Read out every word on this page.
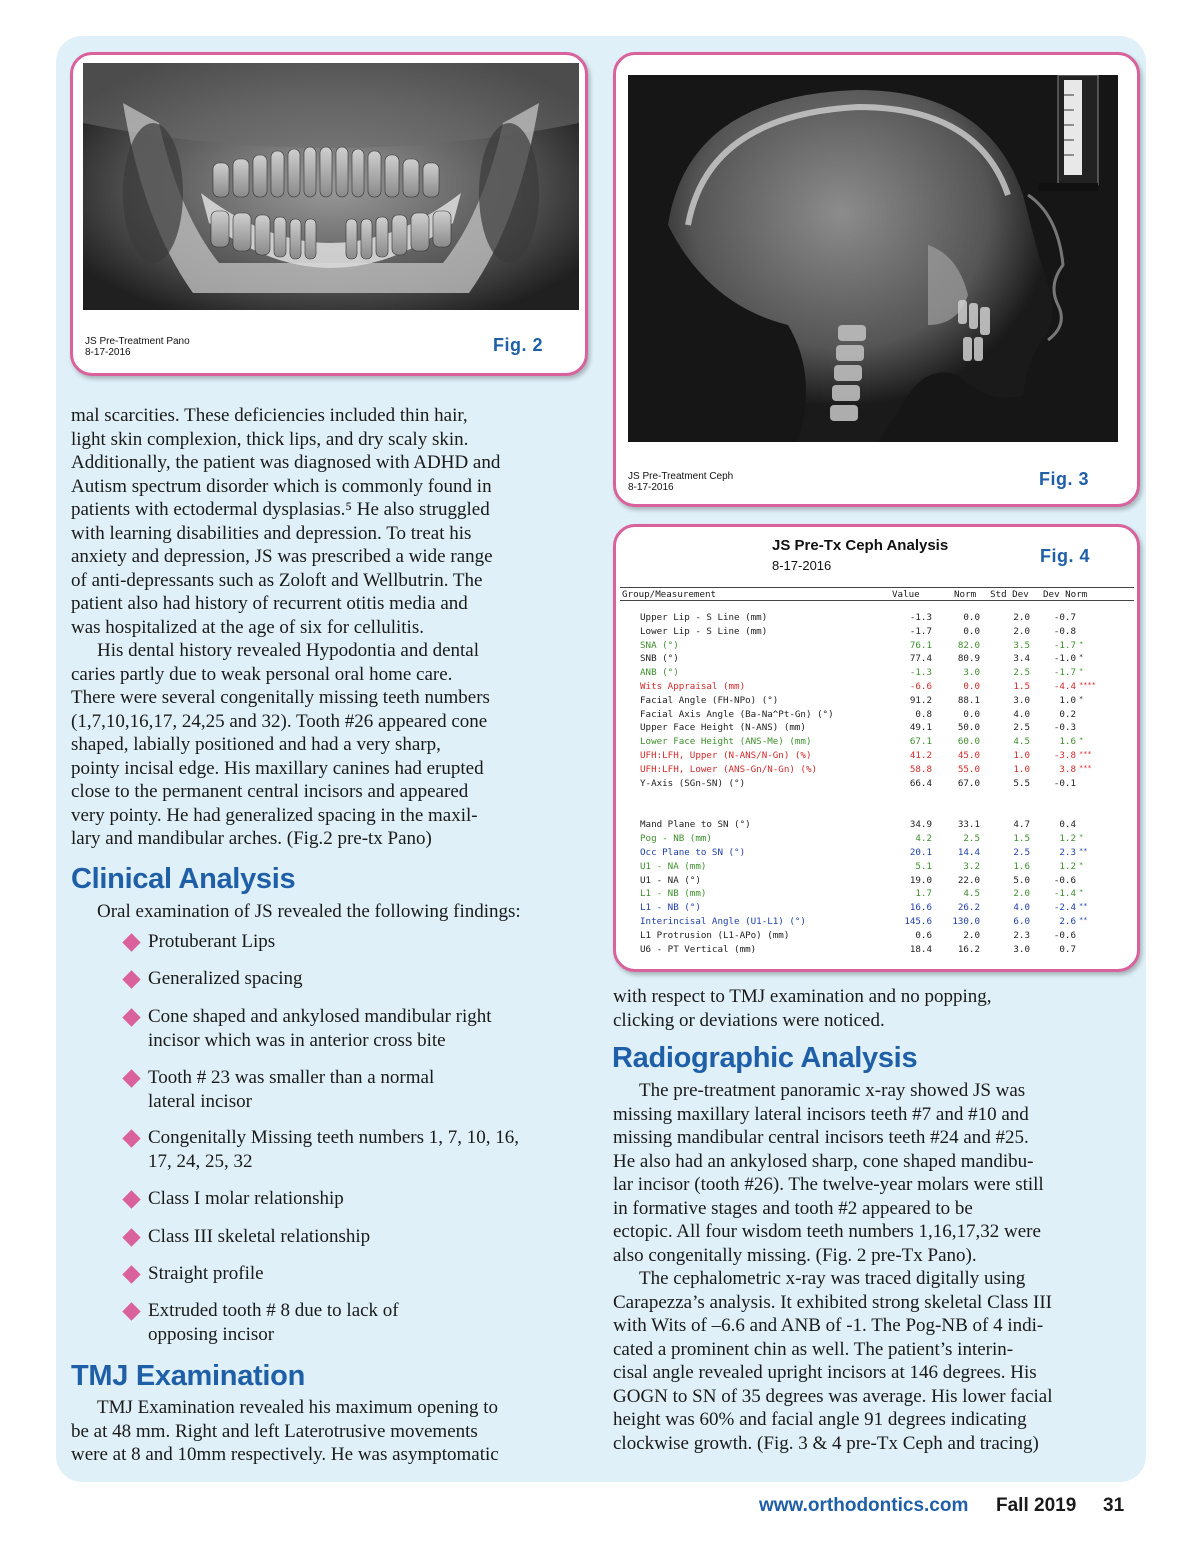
JS Pre-Treatment Pano
8-17-2016	Fig. 2
JS Pre-Treatment Ceph
8-17-2016	Fig. 3
JS Pre-Tx Ceph Analysis
8-17-2016	Fig. 4
Group/Measurement	Value	Norm Std Dev Dev Norm
Upper Lip - S Line (mm)	-1.3	0.0	2.0	-0.7
Lower Lip - S Line (mm)	-1.7	0.0	2.0	-0.8
SNA (°)	76.1	82.0	3.5	-1.7 *
SNB (°)	77.4	80.9	3.4	-1.0 *
ANB (°)	-1.3	3.0	2.5	-1.7 *
Wits Appraisal (mm)	-6.6	0.0	1.5	-4.4 ****
Facial Angle (FH-NPo) (°)	91.2	88.1	3.0	1.0 *
Facial Axis Angle (Ba-Na^Pt-Gn) (°)	0.8	0.0	4.0	0.2
Upper Face Height (N-ANS) (mm)	49.1	50.0	2.5	-0.3
Lower Face Height (ANS-Me) (mm)	67.1	60.0	4.5	1.6 *
UFH:LFH, Upper (N-ANS/N-Gn) (%)	41.2	45.0	1.0	-3.8 ***
UFH:LFH, Lower (ANS-Gn/N-Gn) (%)	58.8	55.0	1.0	3.8 ***
Y-Axis (SGn-SN) (°)	66.4	67.0	5.5	-0.1
Mand Plane to SN (°)	34.9	33.1	4.7	0.4
Pog - NB (mm)	4.2	2.5	1.5	1.2 *
Occ Plane to SN (°)	20.1	14.4	2.5	2.3 **
U1 - NA (mm)	5.1	3.2	1.6	1.2 *
U1 - NA (°)	19.0	22.0	5.0	-0.6
L1 - NB (mm)	1.7	4.5	2.0	-1.4 *
L1 - NB (°)	16.6	26.2	4.0	-2.4 **
Interincisal Angle (U1-L1) (°)	145.6	130.0	6.0	2.6 **
L1 Protrusion (L1-APo) (mm)	0.6	2.0	2.3	-0.6
U6 - PT Vertical (mm)	18.4	16.2	3.0	0.7

mal scarcities. These deficiencies included thin hair,

light skin complexion, thick lips, and dry scaly skin.

Additionally, the patient was diagnosed with ADHD and

Autism spectrum disorder which is commonly found in

patients with ectodermal dysplasias.⁵ He also struggled

with learning disabilities and depression. To treat his

anxiety and depression, JS was prescribed a wide range

of anti-depressants such as Zoloft and Wellbutrin. The

patient also had history of recurrent otitis media and

was hospitalized at the age of six for cellulitis.

His dental history revealed Hypodontia and dental

caries partly due to weak personal oral home care.

There were several congenitally missing teeth numbers

(1,7,10,16,17, 24,25 and 32). Tooth #26 appeared cone

shaped, labially positioned and had a very sharp,

pointy incisal edge. His maxillary canines had erupted

close to the permanent central incisors and appeared

very pointy. He had generalized spacing in the maxil-

lary and mandibular arches. (Fig.2 pre-tx Pano)

Clinical Analysis
Oral examination of JS revealed the following findings:
Protuberant Lips
Generalized spacing
Cone shaped and ankylosed mandibular right
incisor which was in anterior cross bite
Tooth # 23 was smaller than a normal
lateral incisor
Congenitally Missing teeth numbers 1, 7, 10, 16,
17, 24, 25, 32
Class I molar relationship
Class III skeletal relationship
Straight profile
Extruded tooth # 8 due to lack of
opposing incisor
TMJ Examination

TMJ Examination revealed his maximum opening to

be at 48 mm. Right and left Laterotrusive movements

were at 8 and 10mm respectively. He was asymptomatic

with respect to TMJ examination and no popping,

clicking or deviations were noticed.

Radiographic Analysis

The pre-treatment panoramic x-ray showed JS was

missing maxillary lateral incisors teeth #7 and #10 and

missing mandibular central incisors teeth #24 and #25.

He also had an ankylosed sharp, cone shaped mandibu-

lar incisor (tooth #26). The twelve-year molars were still

in formative stages and tooth #2 appeared to be

ectopic. All four wisdom teeth numbers 1,16,17,32 were

also congenitally missing. (Fig. 2 pre-Tx Pano).

The cephalometric x-ray was traced digitally using

Carapezza’s analysis. It exhibited strong skeletal Class III

with Wits of –6.6 and ANB of -1. The Pog-NB of 4 indi-

cated a prominent chin as well. The patient’s interin-

cisal angle revealed upright incisors at 146 degrees. His

GOGN to SN of 35 degrees was average. His lower facial

height was 60% and facial angle 91 degrees indicating

clockwise growth. (Fig. 3 & 4 pre-Tx Ceph and tracing)

www.orthodontics.com Fall 2019 31
